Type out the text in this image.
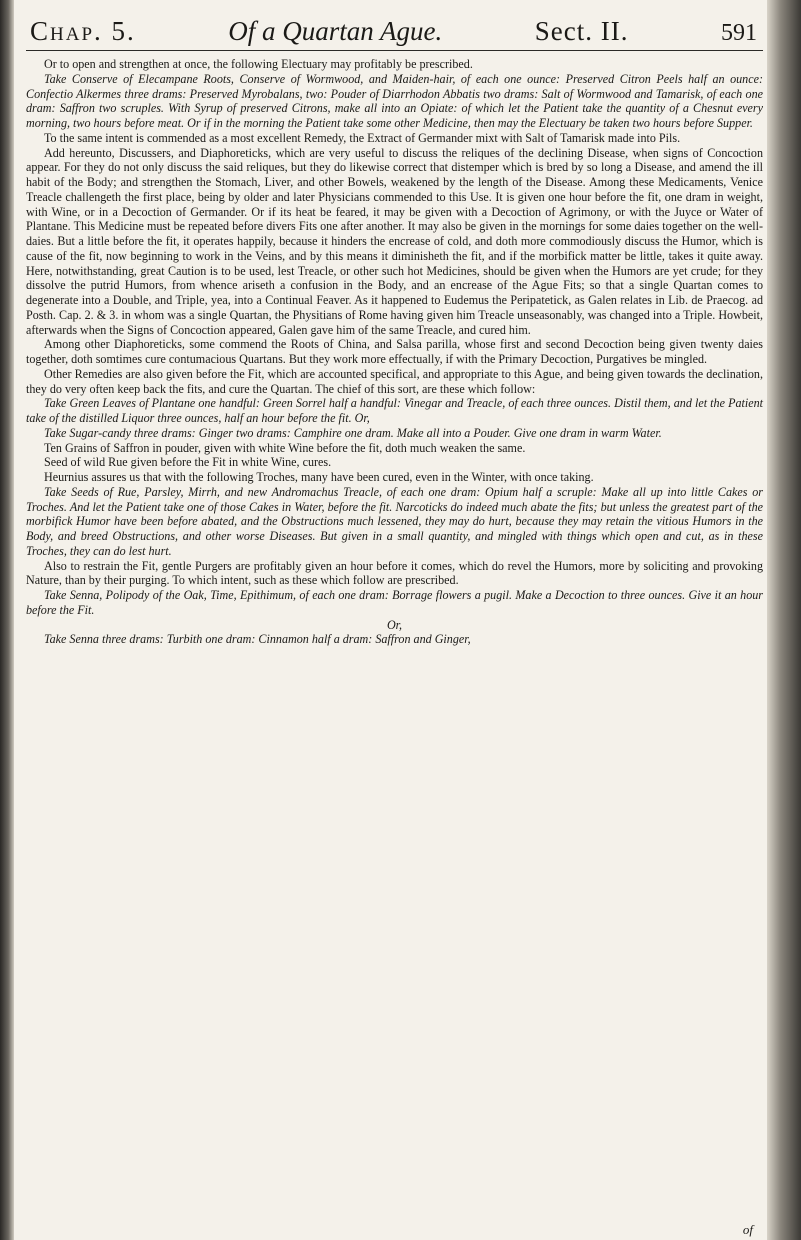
Chap. 5.	Of a Quartan Ague.	Sect. II.	591

Or to open and strengthen at once, the following Electuary may profitably be prescribed.

Take Conserve of Elecampane Roots, Conserve of Wormwood, and Maiden-hair, of each one ounce: Preserved Citron Peels half an ounce: Confectio Alkermes three drams: Preserved Myrobalans, two: Pouder of Diarrhodon Abbatis two drams: Salt of Wormwood and Tamarisk, of each one dram: Saffron two scruples. With Syrup of preserved Citrons, make all into an Opiate: of which let the Patient take the quantity of a Chesnut every morning, two hours before meat. Or if in the morning the Patient take some other Medicine, then may the Electuary be taken two hours before Supper.

To the same intent is commended as a most excellent Remedy, the Extract of Germander mixt with Salt of Tamarisk made into Pils.

Add hereunto, Discussers, and Diaphoreticks, which are very useful to discuss the reliques of the declining Disease, when signs of Concoction appear. For they do not only discuss the said reliques, but they do likewise correct that distemper which is bred by so long a Disease, and amend the ill habit of the Body; and strengthen the Stomach, Liver, and other Bowels, weakened by the length of the Disease. Among these Medicaments, Venice Treacle challengeth the first place, being by older and later Physicians commended to this Use. It is given one hour before the fit, one dram in weight, with Wine, or in a Decoction of Germander. Or if its heat be feared, it may be given with a Decoction of Agrimony, or with the Juyce or Water of Plantane. This Medicine must be repeated before divers Fits one after another. It may also be given in the mornings for some daies together on the well-daies. But a little before the fit, it operates happily, because it hinders the encrease of cold, and doth more commodiously discuss the Humor, which is cause of the fit, now beginning to work in the Veins, and by this means it diminisheth the fit, and if the morbifick matter be little, takes it quite away. Here, notwithstanding, great Caution is to be used, lest Treacle, or other such hot Medicines, should be given when the Humors are yet crude; for they dissolve the putrid Humors, from whence ariseth a confusion in the Body, and an encrease of the Ague Fits; so that a single Quartan comes to degenerate into a Double, and Triple, yea, into a Continual Feaver. As it happened to Eudemus the Peripatetick, as Galen relates in Lib. de Praecog. ad Posth. Cap. 2. & 3. in whom was a single Quartan, the Physitians of Rome having given him Treacle unseasonably, was changed into a Triple. Howbeit, afterwards when the Signs of Concoction appeared, Galen gave him of the same Treacle, and cured him.

Among other Diaphoreticks, some commend the Roots of China, and Salsa parilla, whose first and second Decoction being given twenty daies together, doth somtimes cure contumacious Quartans. But they work more effectually, if with the Primary Decoction, Purgatives be mingled.

Other Remedies are also given before the Fit, which are accounted specifical, and appropriate to this Ague, and being given towards the declination, they do very often keep back the fits, and cure the Quartan. The chief of this sort, are these which follow:

Take Green Leaves of Plantane one handful: Green Sorrel half a handful: Vinegar and Treacle, of each three ounces. Distil them, and let the Patient take of the distilled Liquor three ounces, half an hour before the fit. Or,

Take Sugar-candy three drams: Ginger two drams: Camphire one dram. Make all into a Pouder. Give one dram in warm Water.

Ten Grains of Saffron in pouder, given with white Wine before the fit, doth much weaken the same.

Seed of wild Rue given before the Fit in white Wine, cures.

Heurnius assures us that with the following Troches, many have been cured, even in the Winter, with once taking.

Take Seeds of Rue, Parsley, Mirrh, and new Andromachus Treacle, of each one dram: Opium half a scruple: Make all up into little Cakes or Troches. And let the Patient take one of those Cakes in Water, before the fit. Narcoticks do indeed much abate the fits; but unless the greatest part of the morbifick Humor have been before abated, and the Obstructions much lessened, they may do hurt, because they may retain the vitious Humors in the Body, and breed Obstructions, and other worse Diseases. But given in a small quantity, and mingled with things which open and cut, as in these Troches, they can do lest hurt.

Also to restrain the Fit, gentle Purgers are profitably given an hour before it comes, which do revel the Humors, more by soliciting and provoking Nature, than by their purging. To which intent, such as these which follow are prescribed.

Take Senna, Polipody of the Oak, Time, Epithimum, of each one dram: Borrage flowers a pugil. Make a Decoction to three ounces. Give it an hour before the Fit.

Or,

Take Senna three drams: Turbith one dram: Cinnamon half a dram: Saffron and Ginger,

of
